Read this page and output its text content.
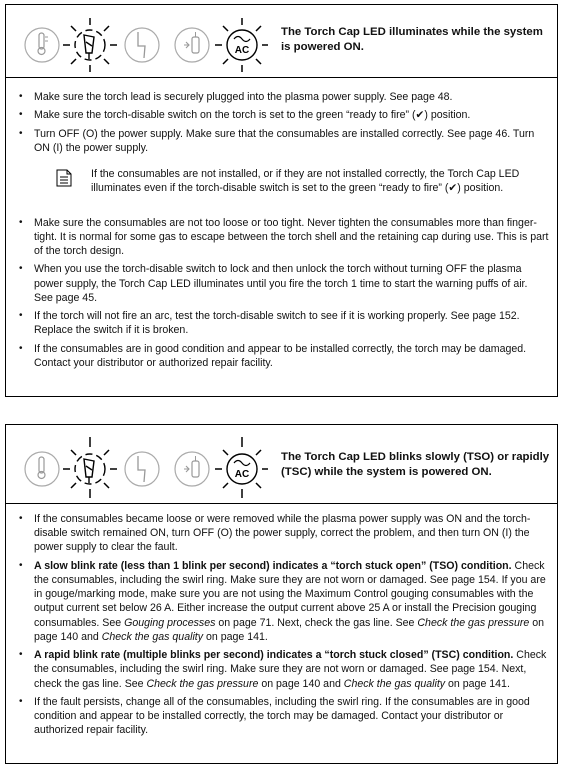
AC
The Torch Cap LED illuminates while the system is powered ON.
• Make sure the torch lead is securely plugged into the plasma power supply. See page 48.
• Make sure the torch-disable switch on the torch is set to the green “ready to fire” (✔) position.
• Turn OFF (O) the power supply. Make sure that the consumables are installed correctly. See page 46. Turn ON (I) the power supply.
If the consumables are not installed, or if they are not installed correctly, the Torch Cap LED illuminates even if the torch-disable switch is set to the green “ready to fire” (✔) position.
• Make sure the consumables are not too loose or too tight. Never tighten the consumables more than finger-tight. It is normal for some gas to escape between the torch shell and the retaining cap during use. This is part of the torch design.
• When you use the torch-disable switch to lock and then unlock the torch without turning OFF the plasma power supply, the Torch Cap LED illuminates until you fire the torch 1 time to start the warning puffs of air. See page 45.
• If the torch will not fire an arc, test the torch-disable switch to see if it is working properly. See page 152. Replace the switch if it is broken.
• If the consumables are in good condition and appear to be installed correctly, the torch may be damaged. Contact your distributor or authorized repair facility.
AC
The Torch Cap LED blinks slowly (TSO) or rapidly (TSC) while the system is powered ON.
• If the consumables became loose or were removed while the plasma power supply was ON and the torch-disable switch remained ON, turn OFF (O) the power supply, correct the problem, and then turn ON (I) the power supply to clear the fault.
• A slow blink rate (less than 1 blink per second) indicates a “torch stuck open” (TSO) condition. Check the consumables, including the swirl ring. Make sure they are not worn or damaged. See page 154. If you are in gouge/marking mode, make sure you are not using the Maximum Control gouging consumables with the output current set below 26 A. Either increase the output current above 25 A or install the Precision gouging consumables. See Gouging processes on page 71. Next, check the gas line. See Check the gas pressure on page 140 and Check the gas quality on page 141.
• A rapid blink rate (multiple blinks per second) indicates a “torch stuck closed” (TSC) condition. Check the consumables, including the swirl ring. Make sure they are not worn or damaged. See page 154. Next, check the gas line. See Check the gas pressure on page 140 and Check the gas quality on page 141.
• If the fault persists, change all of the consumables, including the swirl ring. If the consumables are in good condition and appear to be installed correctly, the torch may be damaged. Contact your distributor or authorized repair facility.
